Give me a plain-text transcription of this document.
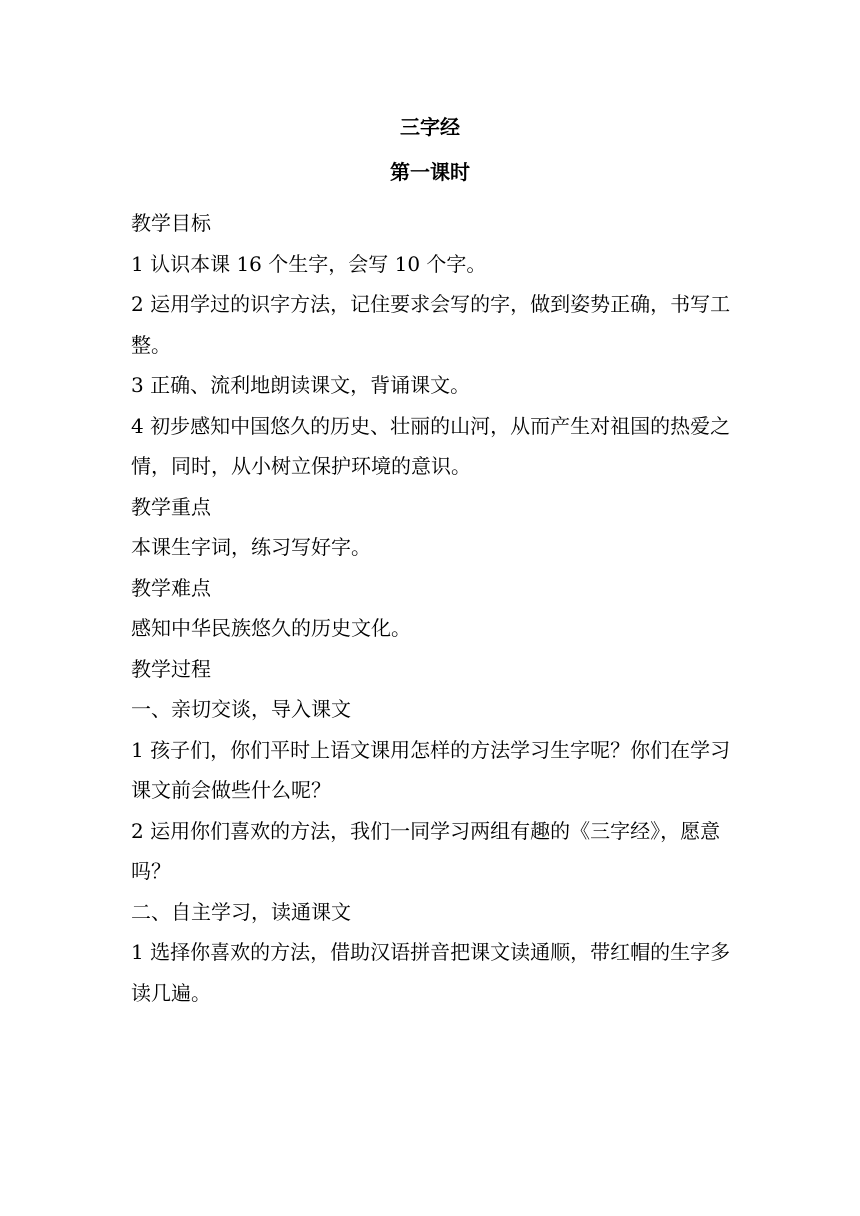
三字经
第一课时

教学目标

1 认识本课 16 个生字，会写 10 个字。

2 运用学过的识字方法，记住要求会写的字，做到姿势正确，书写工

整。

3 正确、流利地朗读课文，背诵课文。

4 初步感知中国悠久的历史、壮丽的山河，从而产生对祖国的热爱之

情，同时，从小树立保护环境的意识。

教学重点

本课生字词，练习写好字。

教学难点

感知中华民族悠久的历史文化。

教学过程

一、亲切交谈，导入课文

1 孩子们，你们平时上语文课用怎样的方法学习生字呢？你们在学习

课文前会做些什么呢？

2 运用你们喜欢的方法，我们一同学习两组有趣的《三字经》，愿意

吗？

二、自主学习，读通课文

1 选择你喜欢的方法，借助汉语拼音把课文读通顺，带红帽的生字多

读几遍。
